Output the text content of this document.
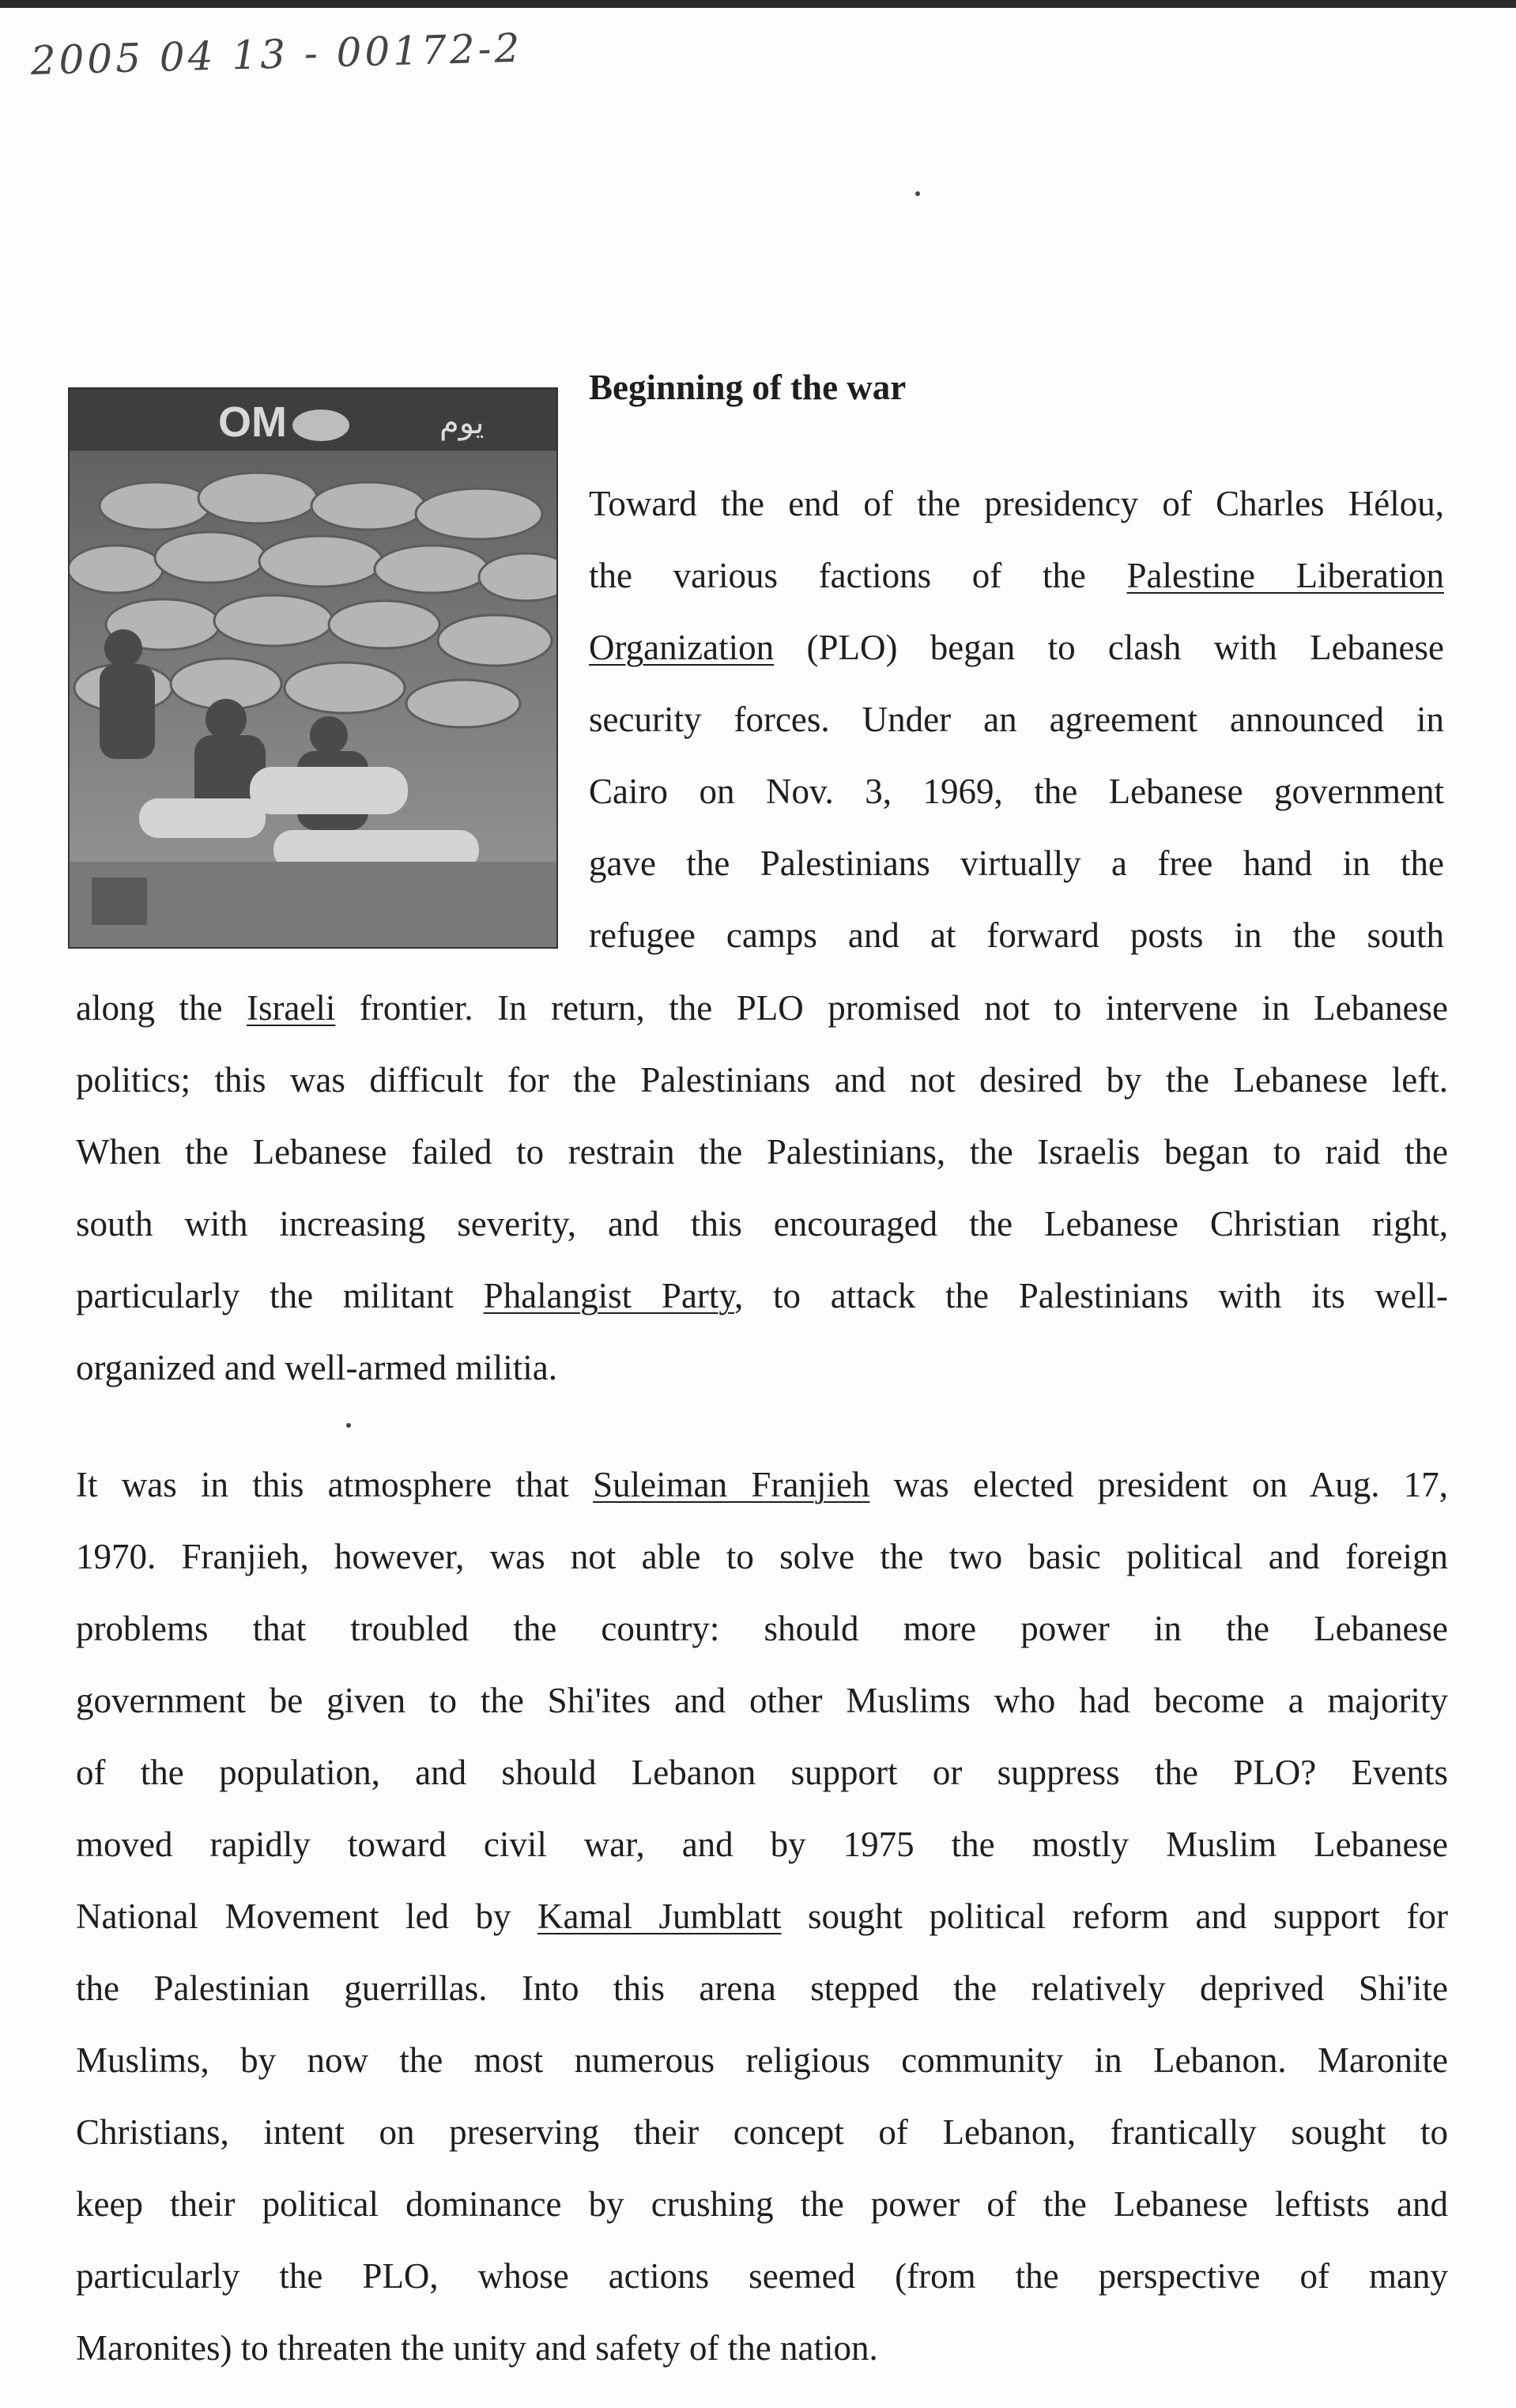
2005 04 13 - 00172-2
OM	يوم
Beginning of the war
Toward the end of the presidency of Charles Hélou,
the various factions of the Palestine Liberation
Organization (PLO) began to clash with Lebanese
security forces. Under an agreement announced in
Cairo on Nov. 3, 1969, the Lebanese government
gave the Palestinians virtually a free hand in the
refugee camps and at forward posts in the south
along the Israeli frontier. In return, the PLO promised not to intervene in Lebanese
politics; this was difficult for the Palestinians and not desired by the Lebanese left.
When the Lebanese failed to restrain the Palestinians, the Israelis began to raid the
south with increasing severity, and this encouraged the Lebanese Christian right,
particularly the militant Phalangist Party, to attack the Palestinians with its well-
organized and well-armed militia.
It was in this atmosphere that Suleiman Franjieh was elected president on Aug. 17,
1970. Franjieh, however, was not able to solve the two basic political and foreign
problems that troubled the country: should more power in the Lebanese
government be given to the Shi'ites and other Muslims who had become a majority
of the population, and should Lebanon support or suppress the PLO? Events
moved rapidly toward civil war, and by 1975 the mostly Muslim Lebanese
National Movement led by Kamal Jumblatt sought political reform and support for
the Palestinian guerrillas. Into this arena stepped the relatively deprived Shi'ite
Muslims, by now the most numerous religious community in Lebanon. Maronite
Christians, intent on preserving their concept of Lebanon, frantically sought to
keep their political dominance by crushing the power of the Lebanese leftists and
particularly the PLO, whose actions seemed (from the perspective of many
Maronites) to threaten the unity and safety of the nation.
